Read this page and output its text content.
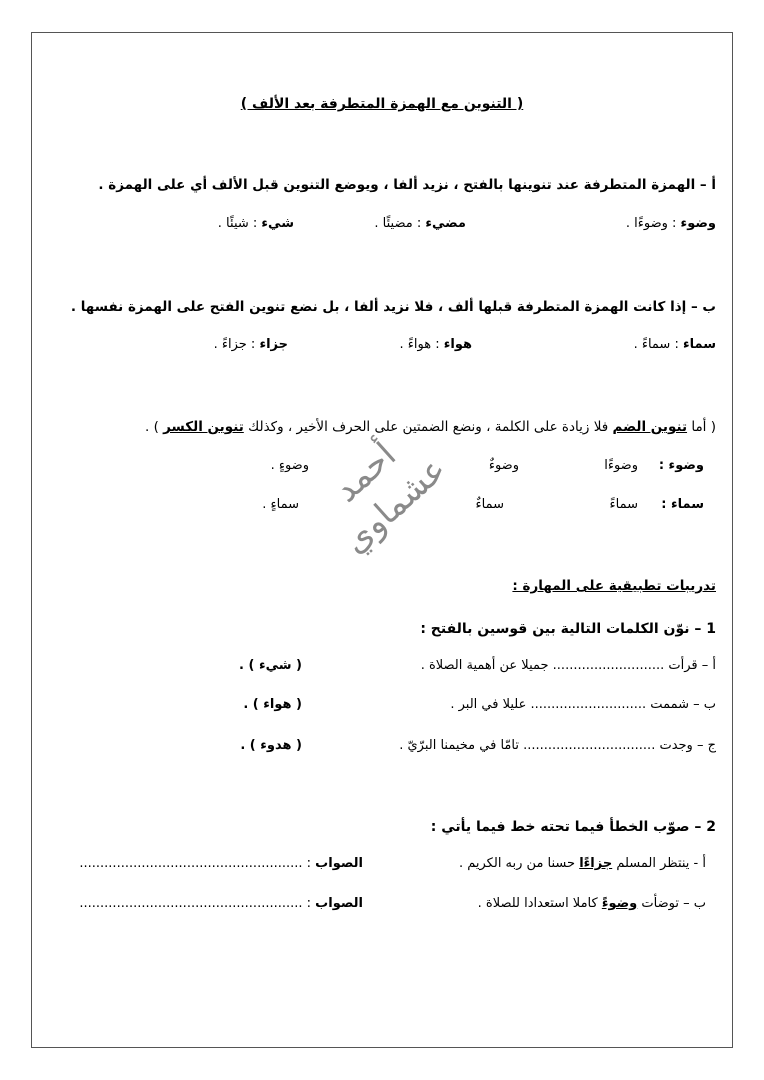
( التنوين مع الهمزة المتطرفة بعد الألف )
أ – الهمزة المتطرفة عند تنوينها بالفتح ، نزيد ألفا ، ويوضع التنوين قبل الألف أي على الهمزة .
وضوء : وضوءًا .
مضيء : مضيئًا .
شيء : شيئًا .
ب – إذا كانت الهمزة المتطرفة قبلها ألف ، فلا نزيد ألفا ، بل نضع تنوين الفتح على الهمزة نفسها .
سماء : سماءً .
هواء : هواءً .
جزاء : جزاءً .
( أما تنوين الضم فلا زيادة على الكلمة ، ونضع الضمتين على الحرف الأخير ، وكذلك تنوين الكسر ) .
وضوء :
وضوءًا
وضوءٌ
وضوءٍ .
سماء :
سماءً
سماءٌ
سماءٍ . أحمد عشماوي
تدريبات تطبيقية على المهارة :
1 – نوّن الكلمات التالية بين قوسين بالفتح :
أ – قرأت ........................... جميلا عن أهمية الصلاة .
( شيء ) .
ب – شممت ............................ عليلا في البر .
( هواء ) .
ج – وجدت ................................ تامّا في مخيمنا البرّيّ .
( هدوء ) .
2 – صوّب الخطأ فيما تحته خط فيما يأتي :
أ - ينتظر المسلم جزاءًا حسنا من ربه الكريم .
الصواب : ......................................................
ب – توضأت وضوءً كاملا استعدادا للصلاة .
الصواب : ......................................................
